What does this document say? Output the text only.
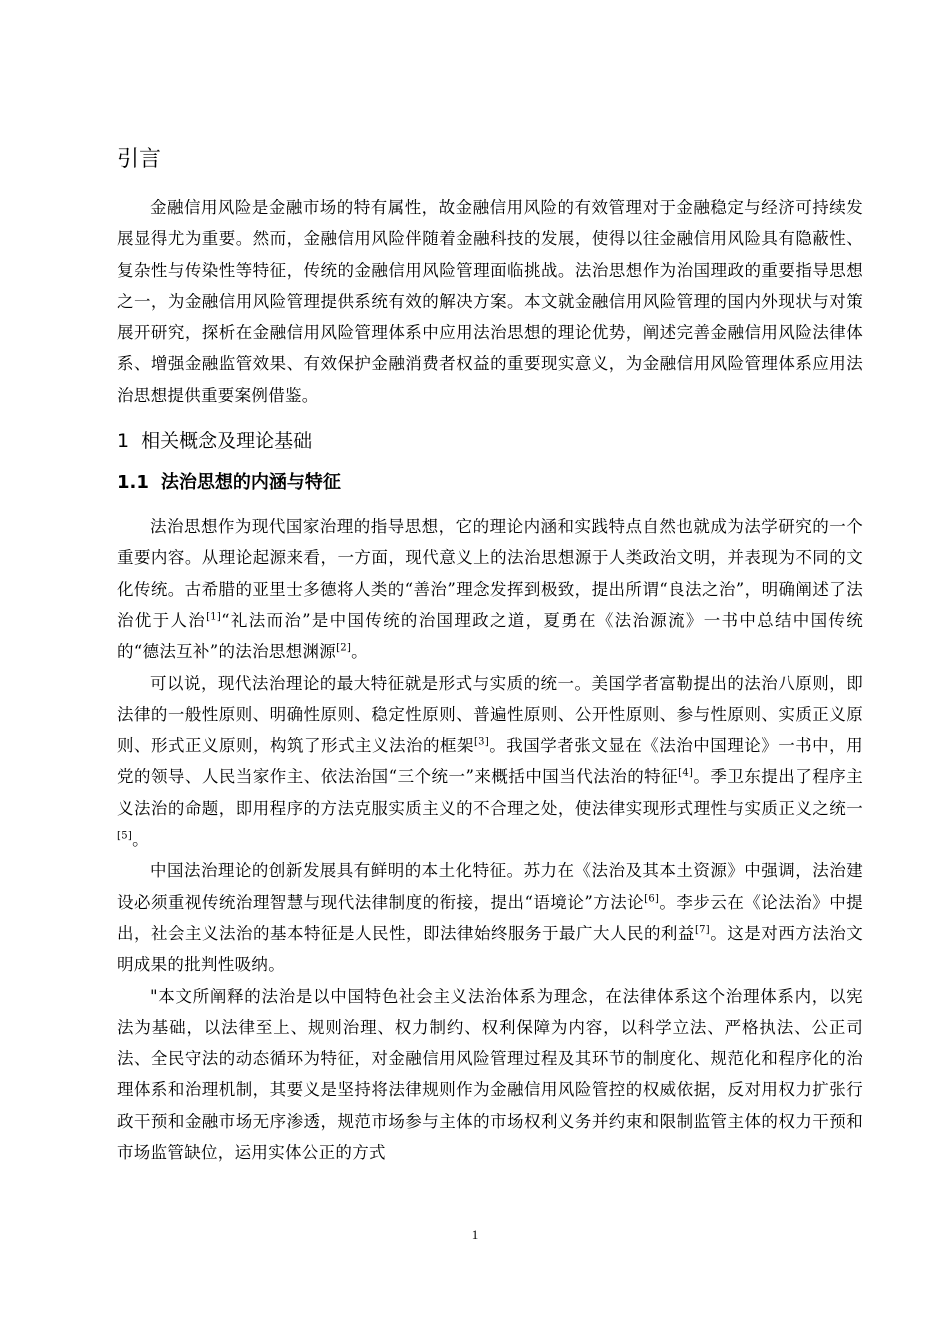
引言

金融信用风险是金融市场的特有属性，故金融信用风险的有效管理对于金融稳定与经济可持续发展显得尤为重要。然而，金融信用风险伴随着金融科技的发展，使得以往金融信用风险具有隐蔽性、复杂性与传染性等特征，传统的金融信用风险管理面临挑战。法治思想作为治国理政的重要指导思想之一，为金融信用风险管理提供系统有效的解决方案。本文就金融信用风险管理的国内外现状与对策展开研究，探析在金融信用风险管理体系中应用法治思想的理论优势，阐述完善金融信用风险法律体系、增强金融监管效果、有效保护金融消费者权益的重要现实意义，为金融信用风险管理体系应用法治思想提供重要案例借鉴。

1 相关概念及理论基础
1.1 法治思想的内涵与特征

法治思想作为现代国家治理的指导思想，它的理论内涵和实践特点自然也就成为法学研究的一个重要内容。从理论起源来看，一方面，现代意义上的法治思想源于人类政治文明，并表现为不同的文化传统。古希腊的亚里士多德将人类的“善治”理念发挥到极致，提出所谓“良法之治”，明确阐述了法治优于人治[1]“礼法而治”是中国传统的治国理政之道，夏勇在《法治源流》一书中总结中国传统的“德法互补”的法治思想渊源[2]。

可以说，现代法治理论的最大特征就是形式与实质的统一。美国学者富勒提出的法治八原则，即法律的一般性原则、明确性原则、稳定性原则、普遍性原则、公开性原则、参与性原则、实质正义原则、形式正义原则，构筑了形式主义法治的框架[3]。我国学者张文显在《法治中国理论》一书中，用党的领导、人民当家作主、依法治国“三个统一”来概括中国当代法治的特征[4]。季卫东提出了程序主义法治的命题，即用程序的方法克服实质主义的不合理之处，使法律实现形式理性与实质正义之统一[5]。

中国法治理论的创新发展具有鲜明的本土化特征。苏力在《法治及其本土资源》中强调，法治建设必须重视传统治理智慧与现代法律制度的衔接，提出“语境论”方法论[6]。李步云在《论法治》中提出，社会主义法治的基本特征是人民性，即法律始终服务于最广大人民的利益[7]。这是对西方法治文明成果的批判性吸纳。

"本文所阐释的法治是以中国特色社会主义法治体系为理念，在法律体系这个治理体系内，以宪法为基础，以法律至上、规则治理、权力制约、权利保障为内容，以科学立法、严格执法、公正司法、全民守法的动态循环为特征，对金融信用风险管理过程及其环节的制度化、规范化和程序化的治理体系和治理机制，其要义是坚持将法律规则作为金融信用风险管控的权威依据，反对用权力扩张行政干预和金融市场无序渗透，规范市场参与主体的市场权利义务并约束和限制监管主体的权力干预和市场监管缺位，运用实体公正的方式

1
